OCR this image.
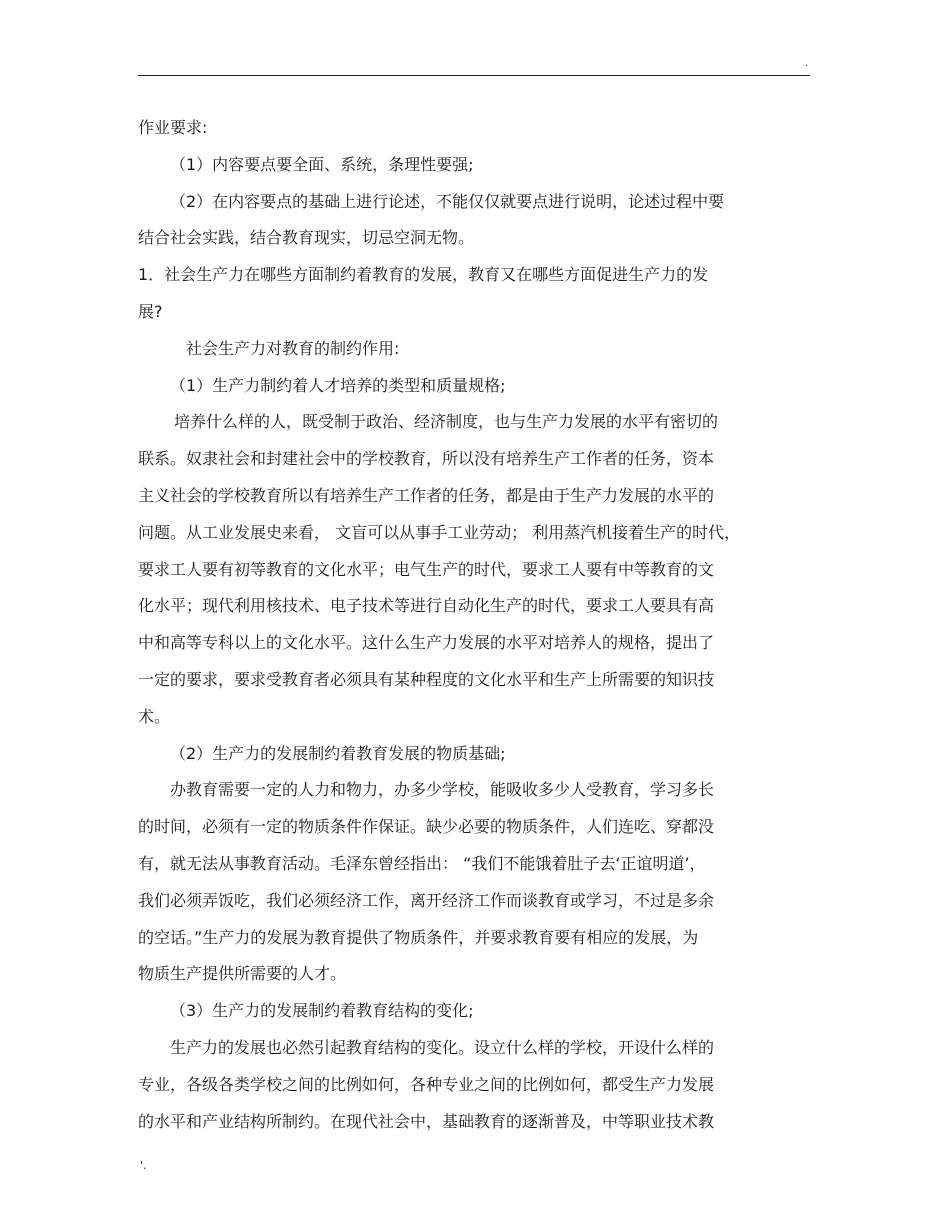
·
作业要求:
（1）内容要点要全面、系统，条理性要强;
（2）在内容要点的基础上进行论述，不能仅仅就要点进行说明，论述过程中要
结合社会实践，结合教育现实，切忌空洞无物。
1．社会生产力在哪些方面制约着教育的发展，教育又在哪些方面促进生产力的发
展?
社会生产力对教育的制约作用:
（1）生产力制约着人才培养的类型和质量规格;
培养什么样的人，既受制于政治、经济制度，也与生产力发展的水平有密切的
联系。奴隶社会和封建社会中的学校教育，所以没有培养生产工作者的任务，资本
主义社会的学校教育所以有培养生产工作者的任务，都是由于生产力发展的水平的
问题。从工业发展史来看， 文盲可以从事手工业劳动； 利用蒸汽机接着生产的时代，
要求工人要有初等教育的文化水平；电气生产的时代，要求工人要有中等教育的文
化水平；现代利用核技术、电子技术等进行自动化生产的时代，要求工人要具有高
中和高等专科以上的文化水平。这什么生产力发展的水平对培养人的规格，提出了
一定的要求，要求受教育者必须具有某种程度的文化水平和生产上所需要的知识技
术。
（2）生产力的发展制约着教育发展的物质基础;
办教育需要一定的人力和物力，办多少学校，能吸收多少人受教育，学习多长
的时间，必须有一定的物质条件作保证。缺少必要的物质条件，人们连吃、穿都没
有，就无法从事教育活动。毛泽东曾经指出： “我们不能饿着肚子去‘正谊明道’，
我们必须弄饭吃，我们必须经济工作，离开经济工作而谈教育或学习，不过是多余
的空话。”生产力的发展为教育提供了物质条件，并要求教育要有相应的发展，为
物质生产提供所需要的人才。
（3）生产力的发展制约着教育结构的变化;
生产力的发展也必然引起教育结构的变化。设立什么样的学校，开设什么样的
专业，各级各类学校之间的比例如何，各种专业之间的比例如何，都受生产力发展
的水平和产业结构所制约。在现代社会中，基础教育的逐渐普及，中等职业技术教
'.
